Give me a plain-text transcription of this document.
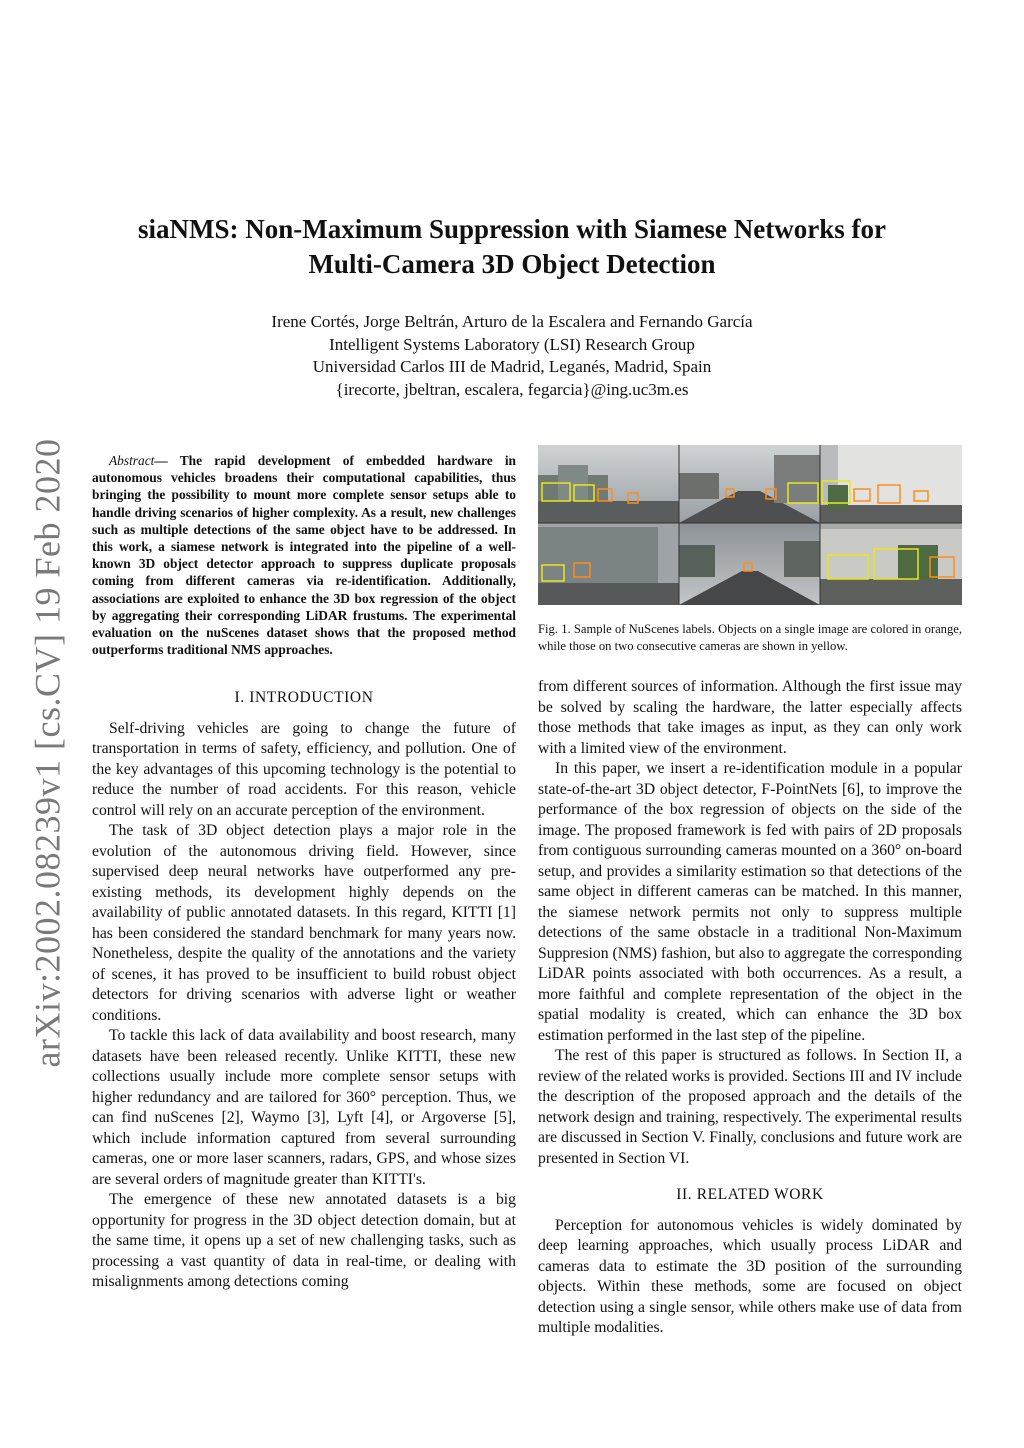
arXiv:2002.08239v1 [cs.CV] 19 Feb 2020
siaNMS: Non-Maximum Suppression with Siamese Networks for
Multi-Camera 3D Object Detection
Irene Cortés, Jorge Beltrán, Arturo de la Escalera and Fernando García
Intelligent Systems Laboratory (LSI) Research Group
Universidad Carlos III de Madrid, Leganés, Madrid, Spain
{irecorte, jbeltran, escalera, fegarcia}@ing.uc3m.es

Abstract— The rapid development of embedded hardware in autonomous vehicles broadens their computational capabilities, thus bringing the possibility to mount more complete sensor setups able to handle driving scenarios of higher complexity. As a result, new challenges such as multiple detections of the same object have to be addressed. In this work, a siamese network is integrated into the pipeline of a well-known 3D object detector approach to suppress duplicate proposals coming from different cameras via re-identification. Additionally, associations are exploited to enhance the 3D box regression of the object by aggregating their corresponding LiDAR frustums. The experimental evaluation on the nuScenes dataset shows that the proposed method outperforms traditional NMS approaches.

I. INTRODUCTION

Self-driving vehicles are going to change the future of transportation in terms of safety, efficiency, and pollution. One of the key advantages of this upcoming technology is the potential to reduce the number of road accidents. For this reason, vehicle control will rely on an accurate perception of the environment.

The task of 3D object detection plays a major role in the evolution of the autonomous driving field. However, since supervised deep neural networks have outperformed any pre-existing methods, its development highly depends on the availability of public annotated datasets. In this regard, KITTI [1] has been considered the standard benchmark for many years now. Nonetheless, despite the quality of the annotations and the variety of scenes, it has proved to be insufficient to build robust object detectors for driving scenarios with adverse light or weather conditions.

To tackle this lack of data availability and boost research, many datasets have been released recently. Unlike KITTI, these new collections usually include more complete sensor setups with higher redundancy and are tailored for 360° perception. Thus, we can find nuScenes [2], Waymo [3], Lyft [4], or Argoverse [5], which include information captured from several surrounding cameras, one or more laser scanners, radars, GPS, and whose sizes are several orders of magnitude greater than KITTI's.

The emergence of these new annotated datasets is a big opportunity for progress in the 3D object detection domain, but at the same time, it opens up a set of new challenging tasks, such as processing a vast quantity of data in real-time, or dealing with misalignments among detections coming

Fig. 1. Sample of NuScenes labels. Objects on a single image are colored in orange, while those on two consecutive cameras are shown in yellow.

from different sources of information. Although the first issue may be solved by scaling the hardware, the latter especially affects those methods that take images as input, as they can only work with a limited view of the environment.

In this paper, we insert a re-identification module in a popular state-of-the-art 3D object detector, F-PointNets [6], to improve the performance of the box regression of objects on the side of the image. The proposed framework is fed with pairs of 2D proposals from contiguous surrounding cameras mounted on a 360° on-board setup, and provides a similarity estimation so that detections of the same object in different cameras can be matched. In this manner, the siamese network permits not only to suppress multiple detections of the same obstacle in a traditional Non-Maximum Suppresion (NMS) fashion, but also to aggregate the corresponding LiDAR points associated with both occurrences. As a result, a more faithful and complete representation of the object in the spatial modality is created, which can enhance the 3D box estimation performed in the last step of the pipeline.

The rest of this paper is structured as follows. In Section II, a review of the related works is provided. Sections III and IV include the description of the proposed approach and the details of the network design and training, respectively. The experimental results are discussed in Section V. Finally, conclusions and future work are presented in Section VI.

II. RELATED WORK

Perception for autonomous vehicles is widely dominated by deep learning approaches, which usually process LiDAR and cameras data to estimate the 3D position of the surrounding objects. Within these methods, some are focused on object detection using a single sensor, while others make use of data from multiple modalities.
